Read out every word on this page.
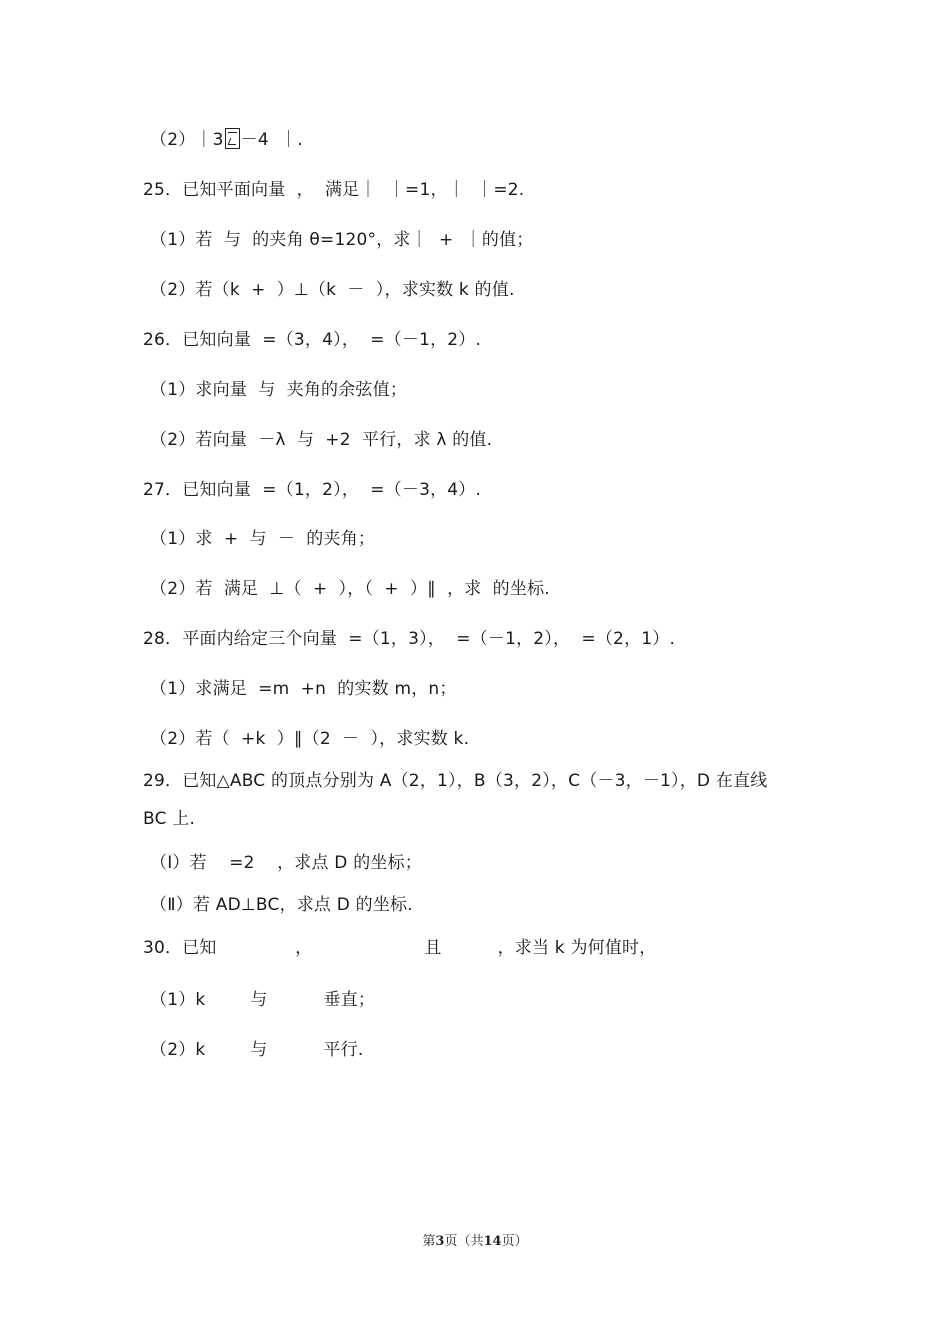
（2）｜3 －4  ｜.

25．已知平面向量  ，  满足｜  ｜=1，｜  ｜=2.

（1）若  与  的夹角 θ=120°，求｜  +  ｜的值；

（2）若（k  +  ）⊥（k  －  ），求实数 k 的值.

26．已知向量  =（3，4），  =（－1，2）.

（1）求向量  与  夹角的余弦值；

（2）若向量  －λ  与  +2  平行，求 λ 的值.

27．已知向量  =（1，2），  =（－3，4）.

（1）求  +  与  －  的夹角；

（2）若  满足  ⊥（  +  ），（  +  ）∥  ，求  的坐标.

28．平面内给定三个向量  =（1，3），  =（－1，2），  =（2，1）.

（1）求满足  =m  +n  的实数 m，n；

（2）若（  +k  ）∥（2  －  ），求实数 k.

29．已知△ABC 的顶点分别为 A（2，1），B（3，2），C（－3，－1），D 在直线

BC 上.

（Ⅰ）若    =2    ，求点 D 的坐标；

（Ⅱ）若 AD⊥BC，求点 D 的坐标.

30．已知              ，                    且          ，求当 k 为何值时，

（1）k        与          垂直；

（2）k        与          平行.

第3页（共14页）
